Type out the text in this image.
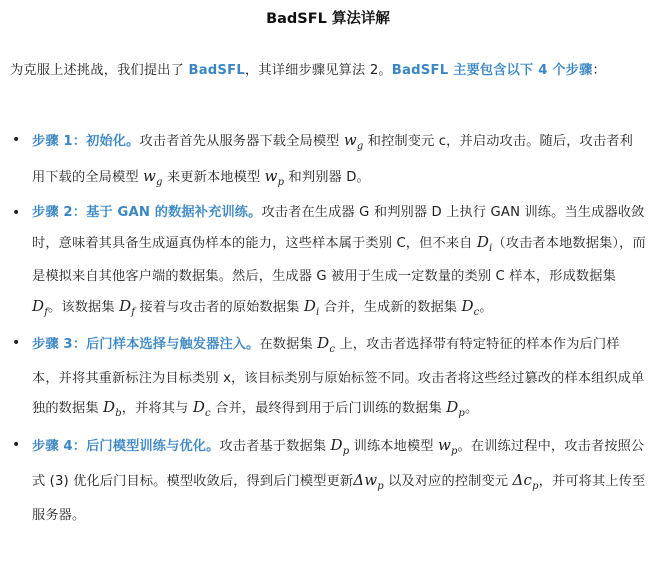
BadSFL 算法详解
为克服上述挑战，我们提出了 BadSFL，其详细步骤见算法 2。BadSFL 主要包含以下 4 个步骤：
• 步骤 1：初始化。攻击者首先从服务器下载全局模型 $w_g$ 和控制变元 c，并启动攻击。随后，攻击者利用下载的全局模型 $w_g$ 来更新本地模型 $w_p$ 和判别器 D。
• 步骤 2：基于 GAN 的数据补充训练。攻击者在生成器 G 和判别器 D 上执行 GAN 训练。当生成器收敛时，意味着其具备生成逼真伪样本的能力，这些样本属于类别 C，但不来自 $D_i$（攻击者本地数据集），而是模拟来自其他客户端的数据集。然后，生成器 G 被用于生成一定数量的类别 C 样本，形成数据集 $D_f$。该数据集 $D_f$ 接着与攻击者的原始数据集 $D_i$ 合并，生成新的数据集 $D_c$。
• 步骤 3：后门样本选择与触发器注入。在数据集 $D_c$ 上，攻击者选择带有特定特征的样本作为后门样本，并将其重新标注为目标类别 x，该目标类别与原始标签不同。攻击者将这些经过篡改的样本组织成单独的数据集 $D_b$，并将其与 $D_c$ 合并，最终得到用于后门训练的数据集 $D_p$。
• 步骤 4：后门模型训练与优化。攻击者基于数据集 $D_p$ 训练本地模型 $w_p$。在训练过程中，攻击者按照公式 (3) 优化后门目标。模型收敛后，得到后门模型更新$\Delta w_p$ 以及对应的控制变元 $\Delta c_p$，并可将其上传至服务器。
